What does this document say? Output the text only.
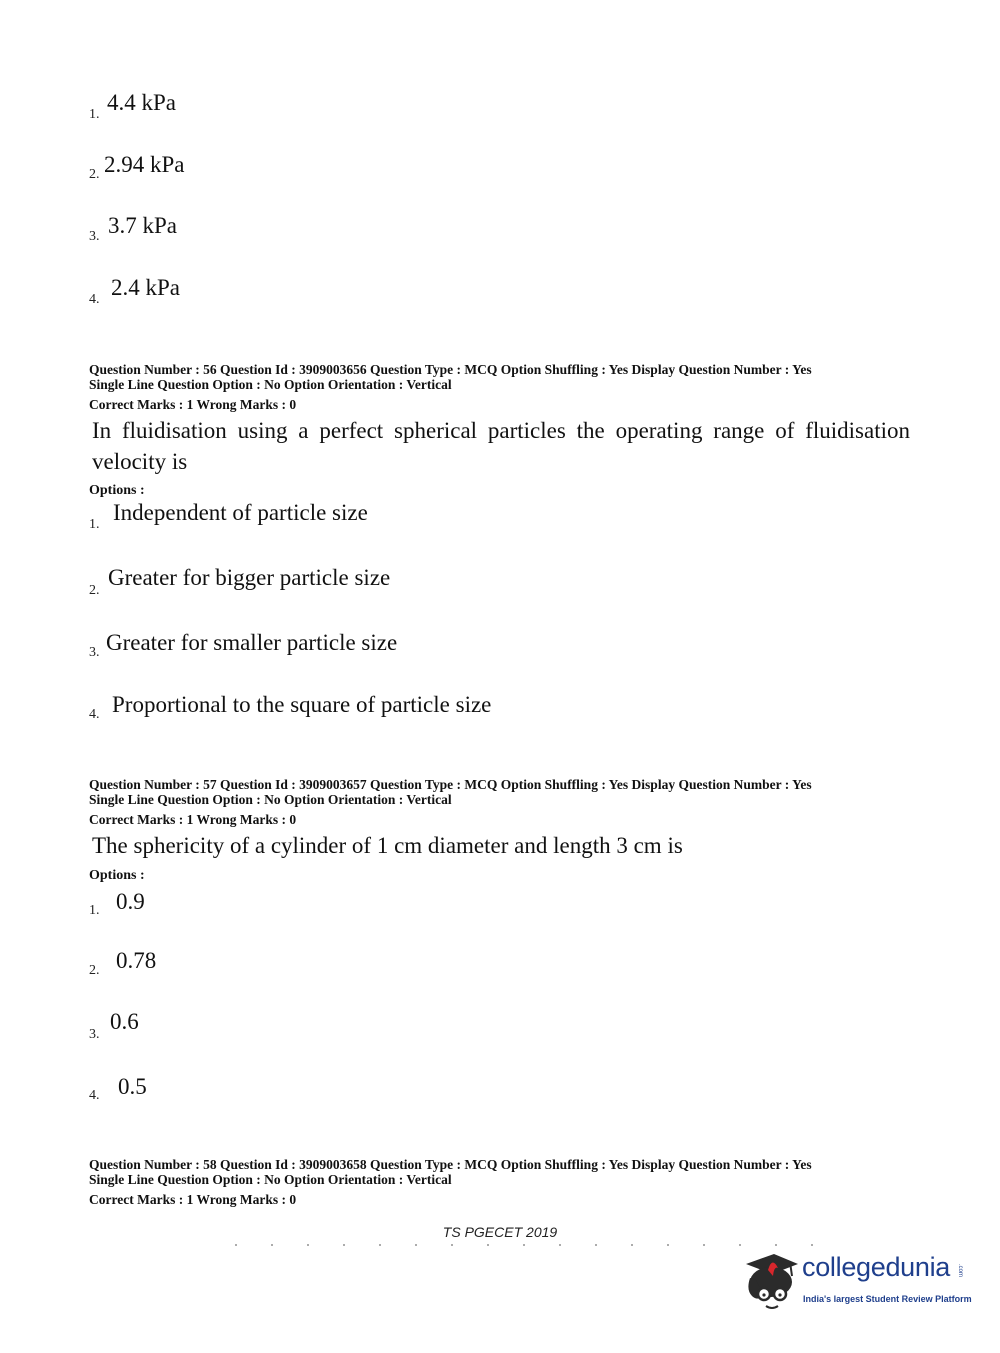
1. 4.4 kPa
2. 2.94 kPa
3. 3.7 kPa
4. 2.4 kPa
Question Number : 56 Question Id : 3909003656 Question Type : MCQ Option Shuffling : Yes Display Question Number : Yes
Single Line Question Option : No Option Orientation : Vertical
Correct Marks : 1 Wrong Marks : 0
In fluidisation using a perfect spherical particles the operating range of fluidisation velocity is
Options :
1. Independent of particle size
2.
Greater for bigger particle size
3. Greater for smaller particle size
4. Proportional to the square of particle size
Question Number : 57 Question Id : 3909003657 Question Type : MCQ Option Shuffling : Yes Display Question Number : Yes
Single Line Question Option : No Option Orientation : Vertical
Correct Marks : 1 Wrong Marks : 0
The sphericity of a cylinder of 1 cm diameter and length 3 cm is
Options :
1. 0.9
2. 0.78
3.
0.6
4. 0.5
Question Number : 58 Question Id : 3909003658 Question Type : MCQ Option Shuffling : Yes Display Question Number : Yes
Single Line Question Option : No Option Orientation : Vertical
Correct Marks : 1 Wrong Marks : 0
TS PGECET 2019
collegedunia .com
India's largest Student Review Platform
